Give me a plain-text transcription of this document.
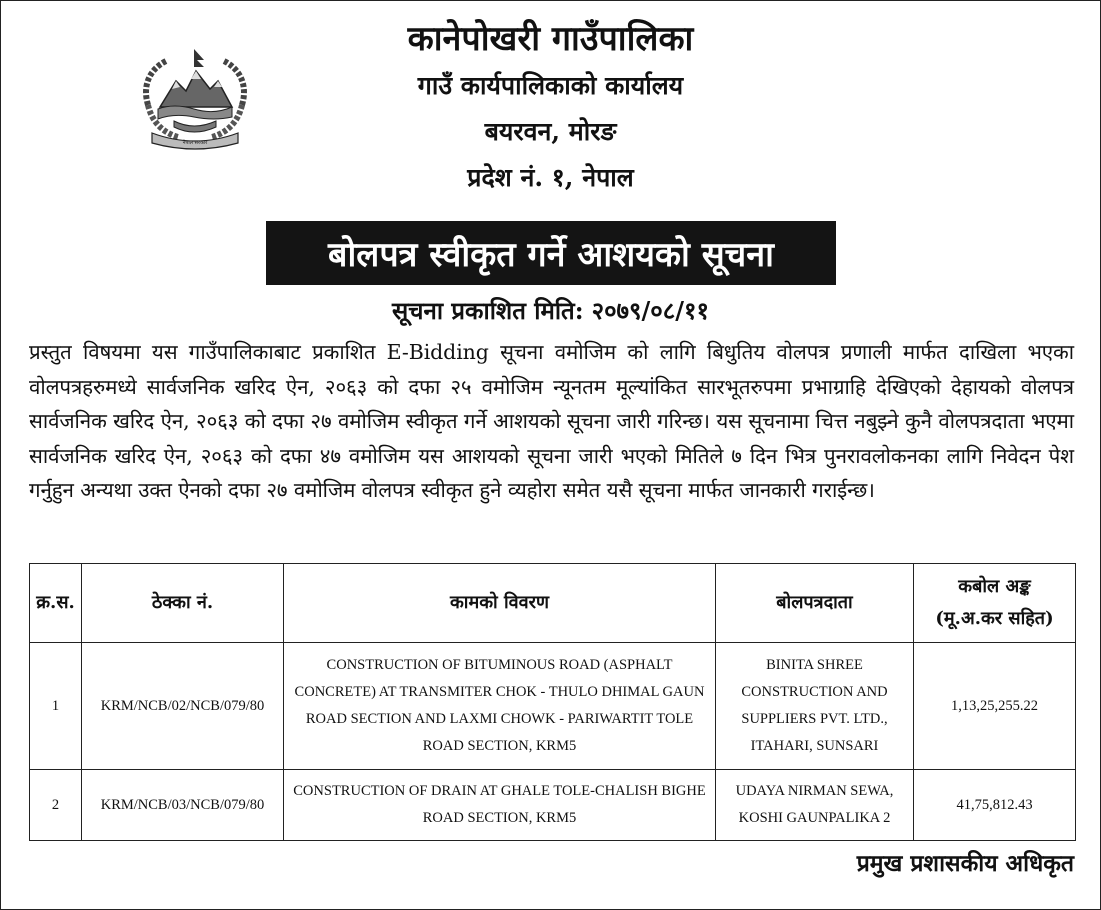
नेपाल सरकार
कानेपोखरी गाउँपालिका
गाउँ कार्यपालिकाको कार्यालय
बयरवन, मोरङ
प्रदेश नं. १, नेपाल
बोलपत्र स्वीकृत गर्ने आशयको सूचना
सूचना प्रकाशित मिति: २०७९/०८/११
प्रस्तुत विषयमा यस गाउँपालिकाबाट प्रकाशित E-Bidding सूचना वमोजिम को लागि बिधुतिय वोलपत्र प्रणाली मार्फत दाखिला भएका वोलपत्रहरुमध्ये सार्वजनिक खरिद ऐन, २०६३ को दफा २५ वमोजिम न्यूनतम मूल्यांकित सारभूतरुपमा प्रभाग्राहि देखिएको देहायको वोलपत्र सार्वजनिक खरिद ऐन, २०६३ को दफा २७ वमोजिम स्वीकृत गर्ने आशयको सूचना जारी गरिन्छ। यस सूचनामा चित्त नबुझ्ने कुनै वोलपत्रदाता भएमा सार्वजनिक खरिद ऐन, २०६३ को दफा ४७ वमोजिम यस आशयको सूचना जारी भएको मितिले ७ दिन भित्र पुनरावलोकनका लागि निवेदन पेश गर्नुहुन अन्यथा उक्त ऐनको दफा २७ वमोजिम वोलपत्र स्वीकृत हुने व्यहोरा समेत यसै सूचना मार्फत जानकारी गराईन्छ।
क्र.स.	ठेक्का नं.	कामको विवरण	बोलपत्रदाता	कबोल अङ्क
(मू.अ.कर सहित)

1	KRM/NCB/02/NCB/079/80	CONSTRUCTION OF BITUMINOUS ROAD (ASPHALT CONCRETE) AT TRANSMITER CHOK - THULO DHIMAL GAUN ROAD SECTION AND LAXMI CHOWK - PARIWARTIT TOLE ROAD SECTION, KRM5	BINITA SHREE CONSTRUCTION AND SUPPLIERS PVT. LTD., ITAHARI, SUNSARI	1,13,25,255.22
2	KRM/NCB/03/NCB/079/80	CONSTRUCTION OF DRAIN AT GHALE TOLE-CHALISH BIGHE ROAD SECTION, KRM5	UDAYA NIRMAN SEWA, KOSHI GAUNPALIKA 2	41,75,812.43
प्रमुख प्रशासकीय अधिकृत
